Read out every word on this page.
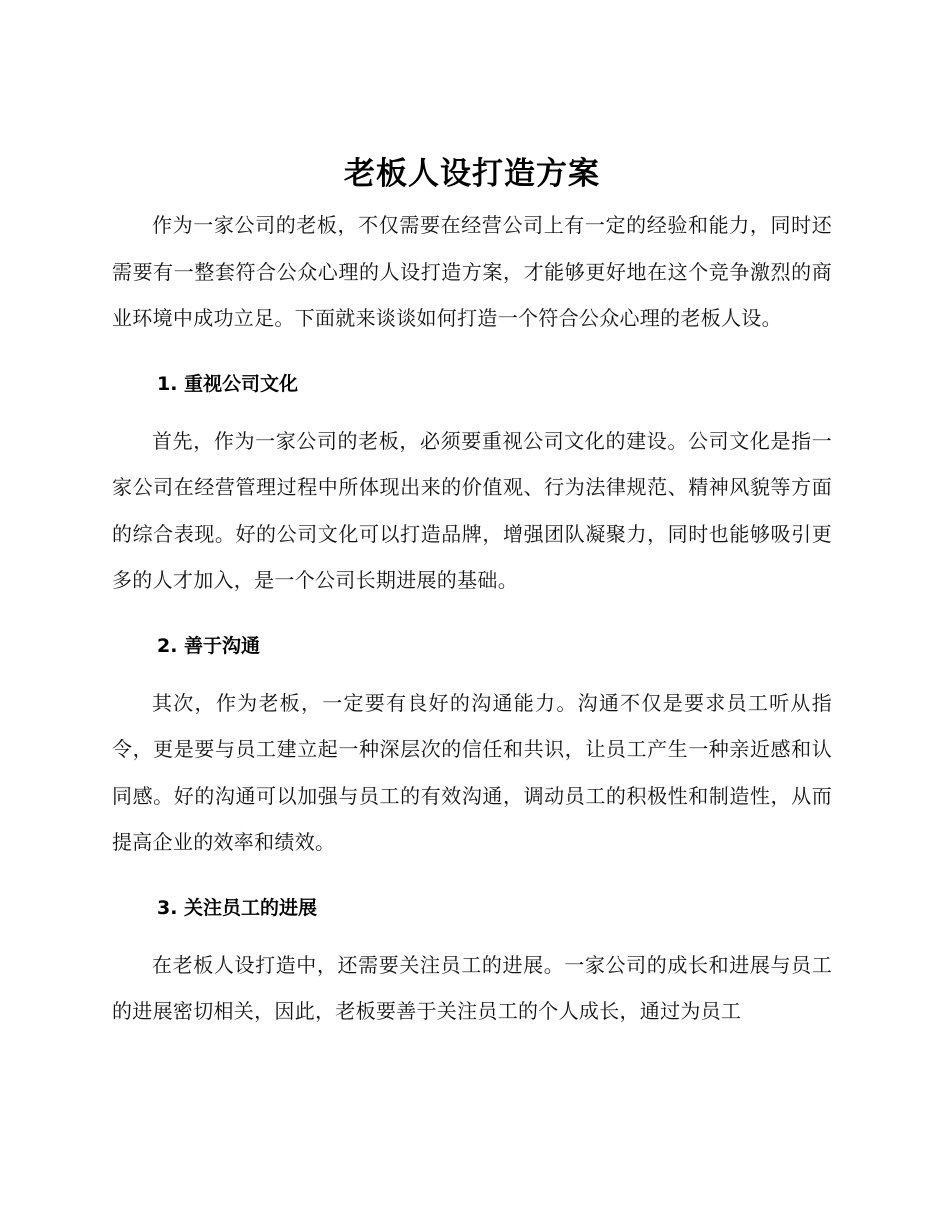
老板人设打造方案

作为一家公司的老板，不仅需要在经营公司上有一定的经验和能力，同时还需要有一整套符合公众心理的人设打造方案，才能够更好地在这个竞争激烈的商业环境中成功立足。下面就来谈谈如何打造一个符合公众心理的老板人设。

1. 重视公司文化

首先，作为一家公司的老板，必须要重视公司文化的建设。公司文化是指一家公司在经营管理过程中所体现出来的价值观、行为法律规范、精神风貌等方面的综合表现。好的公司文化可以打造品牌，增强团队凝聚力，同时也能够吸引更多的人才加入，是一个公司长期进展的基础。

2. 善于沟通

其次，作为老板，一定要有良好的沟通能力。沟通不仅是要求员工听从指令，更是要与员工建立起一种深层次的信任和共识，让员工产生一种亲近感和认同感。好的沟通可以加强与员工的有效沟通，调动员工的积极性和制造性，从而提高企业的效率和绩效。

3. 关注员工的进展

在老板人设打造中，还需要关注员工的进展。一家公司的成长和进展与员工的进展密切相关，因此，老板要善于关注员工的个人成长，通过为员工
